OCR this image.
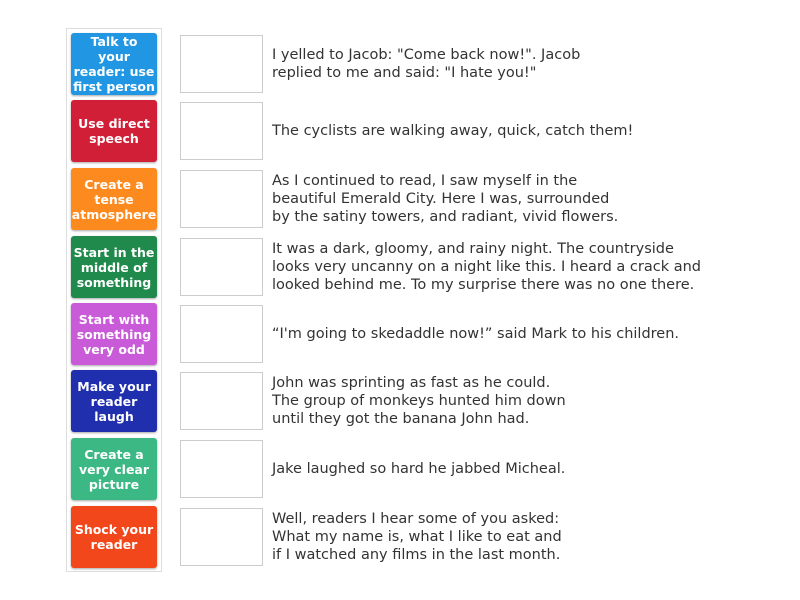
Talk to your reader: use first person
I yelled to Jacob: "Come back now!". Jacob
replied to me and said: "I hate you!"
Use direct speech	The cyclists are walking away, quick, catch them!
Create a tense atmosphere
As I continued to read, I saw myself in the
beautiful Emerald City. Here I was, surrounded
by the satiny towers, and radiant, vivid flowers.
Start in the middle of something
It was a dark, gloomy, and rainy night. The countryside
looks very uncanny on a night like this. I heard a crack and
looked behind me. To my surprise there was no one there.
Start with something very odd
“I'm going to skedaddle now!” said Mark to his children.
Make your reader laugh
John was sprinting as fast as he could.
The group of monkeys hunted him down
until they got the banana John had.
Create a very clear picture
Jake laughed so hard he jabbed Micheal.
Shock your reader
Well, readers I hear some of you asked:
What my name is, what I like to eat and
if I watched any films in the last month.
